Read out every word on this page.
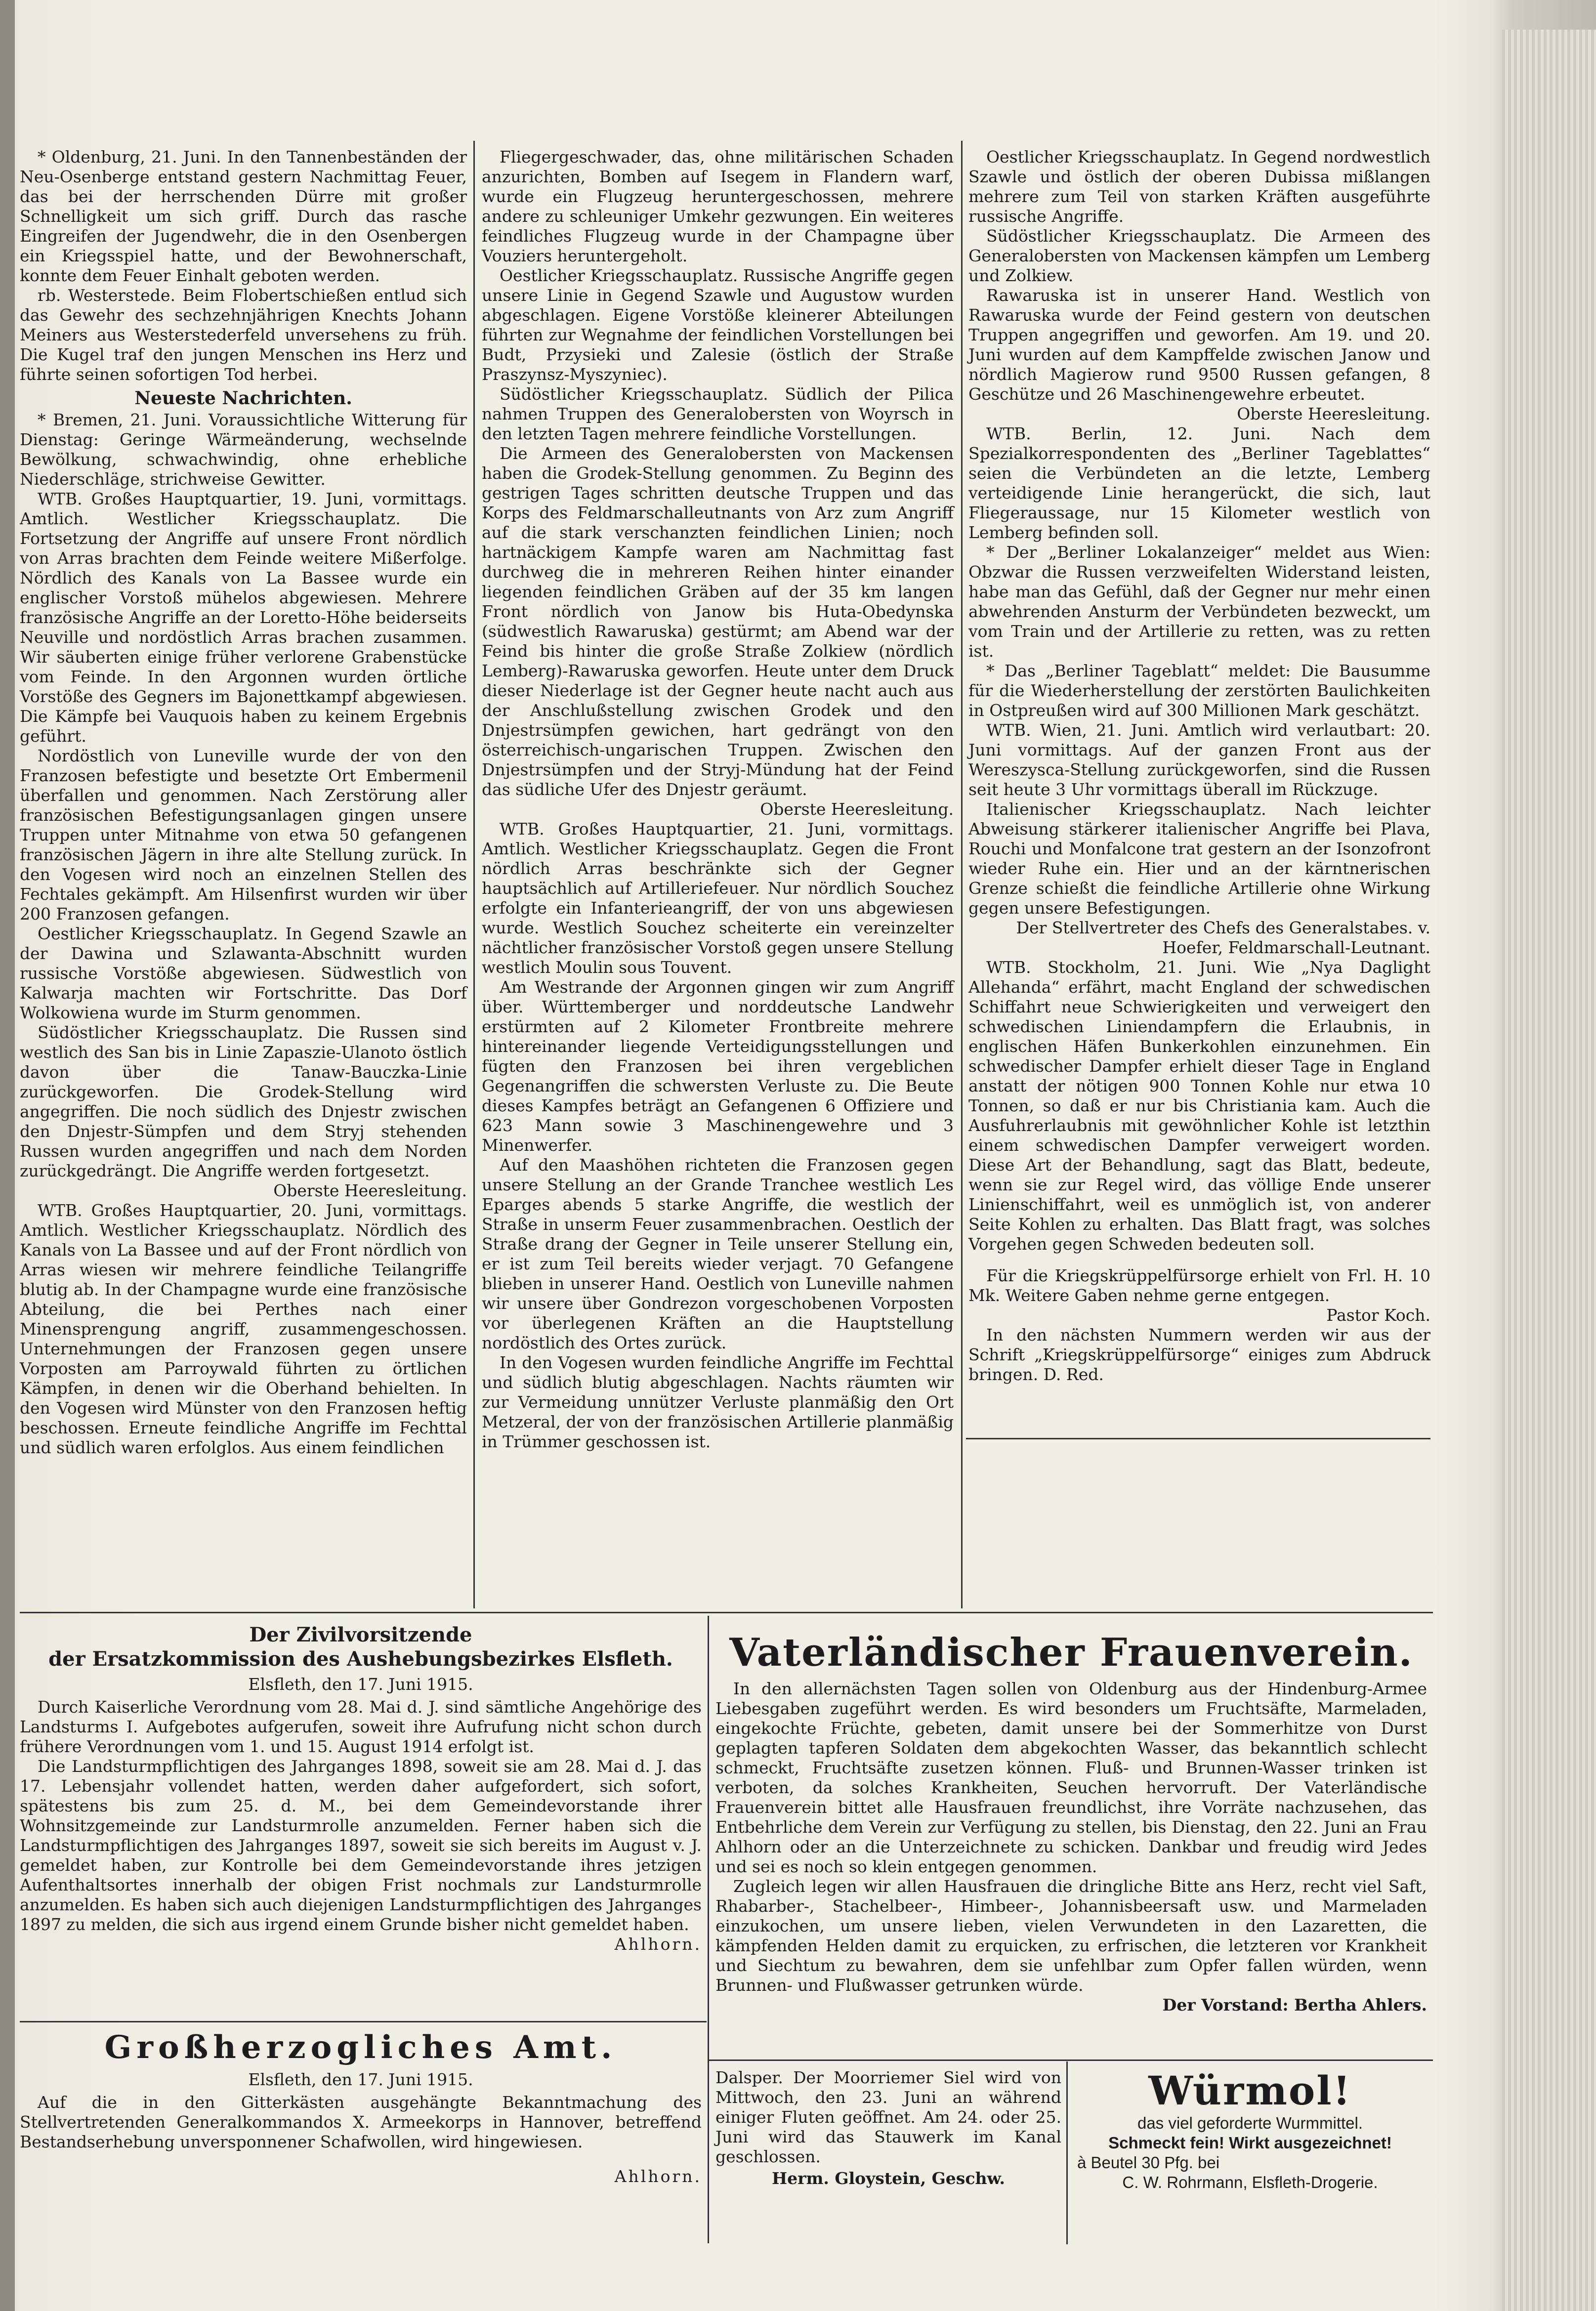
* Oldenburg, 21. Juni. In den Tannenbeständen der Neu-Osenberge entstand gestern Nachmittag Feuer, das bei der herrschenden Dürre mit großer Schnelligkeit um sich griff. Durch das rasche Eingreifen der Jugendwehr, die in den Osenbergen ein Kriegsspiel hatte, und der Bewohnerschaft, konnte dem Feuer Einhalt geboten werden.

rb. Westerstede. Beim Flobertschießen entlud sich das Gewehr des sechzehnjährigen Knechts Johann Meiners aus Westerstederfeld unversehens zu früh. Die Kugel traf den jungen Menschen ins Herz und führte seinen sofortigen Tod herbei.

Neueste Nachrichten.

* Bremen, 21. Juni. Voraussichtliche Witterung für Dienstag: Geringe Wärmeänderung, wechselnde Bewölkung, schwachwindig, ohne erhebliche Niederschläge, strichweise Gewitter.

WTB. Großes Hauptquartier, 19. Juni, vormittags. Amtlich. Westlicher Kriegsschauplatz. Die Fortsetzung der Angriffe auf unsere Front nördlich von Arras brachten dem Feinde weitere Mißerfolge. Nördlich des Kanals von La Bassee wurde ein englischer Vorstoß mühelos abgewiesen. Mehrere französische Angriffe an der Loretto-Höhe beiderseits Neuville und nordöstlich Arras brachen zusammen. Wir säuberten einige früher verlorene Grabenstücke vom Feinde. In den Argonnen wurden örtliche Vorstöße des Gegners im Bajonettkampf abgewiesen. Die Kämpfe bei Vauquois haben zu keinem Ergebnis geführt.

Nordöstlich von Luneville wurde der von den Franzosen befestigte und besetzte Ort Embermenil überfallen und genommen. Nach Zerstörung aller französischen Befestigungsanlagen gingen unsere Truppen unter Mitnahme von etwa 50 gefangenen französischen Jägern in ihre alte Stellung zurück. In den Vogesen wird noch an einzelnen Stellen des Fechtales gekämpft. Am Hilsenfirst wurden wir über 200 Franzosen gefangen.

Oestlicher Kriegsschauplatz. In Gegend Szawle an der Dawina und Szlawanta-Abschnitt wurden russische Vorstöße abgewiesen. Südwestlich von Kalwarja machten wir Fortschritte. Das Dorf Wolkowiena wurde im Sturm genommen.

Südöstlicher Kriegsschauplatz. Die Russen sind westlich des San bis in Linie Zapaszie-Ulanoto östlich davon über die Tanaw-Bauczka-Linie zurückgeworfen. Die Grodek-Stellung wird angegriffen. Die noch südlich des Dnjestr zwischen den Dnjestr-Sümpfen und dem Stryj stehenden Russen wurden angegriffen und nach dem Norden zurückgedrängt. Die Angriffe werden fortgesetzt.

Oberste Heeresleitung.

WTB. Großes Hauptquartier, 20. Juni, vormittags. Amtlich. Westlicher Kriegsschauplatz. Nördlich des Kanals von La Bassee und auf der Front nördlich von Arras wiesen wir mehrere feindliche Teilangriffe blutig ab. In der Champagne wurde eine französische Abteilung, die bei Perthes nach einer Minensprengung angriff, zusammengeschossen. Unternehmungen der Franzosen gegen unsere Vorposten am Parroywald führten zu örtlichen Kämpfen, in denen wir die Oberhand behielten. In den Vogesen wird Münster von den Franzosen heftig beschossen. Erneute feindliche Angriffe im Fechttal und südlich waren erfolglos. Aus einem feindlichen

Fliegergeschwader, das, ohne militärischen Schaden anzurichten, Bomben auf Isegem in Flandern warf, wurde ein Flugzeug heruntergeschossen, mehrere andere zu schleuniger Umkehr gezwungen. Ein weiteres feindliches Flugzeug wurde in der Champagne über Vouziers heruntergeholt.

Oestlicher Kriegsschauplatz. Russische Angriffe gegen unsere Linie in Gegend Szawle und Augustow wurden abgeschlagen. Eigene Vorstöße kleinerer Abteilungen führten zur Wegnahme der feindlichen Vorstellungen bei Budt, Przysieki und Zalesie (östlich der Straße Praszynsz-Myszyniec).

Südöstlicher Kriegsschauplatz. Südlich der Pilica nahmen Truppen des Generalobersten von Woyrsch in den letzten Tagen mehrere feindliche Vorstellungen.

Die Armeen des Generalobersten von Mackensen haben die Grodek-Stellung genommen. Zu Beginn des gestrigen Tages schritten deutsche Truppen und das Korps des Feldmarschalleutnants von Arz zum Angriff auf die stark verschanzten feindlichen Linien; noch hartnäckigem Kampfe waren am Nachmittag fast durchweg die in mehreren Reihen hinter einander liegenden feindlichen Gräben auf der 35 km langen Front nördlich von Janow bis Huta-Obedynska (südwestlich Rawaruska) gestürmt; am Abend war der Feind bis hinter die große Straße Zolkiew (nördlich Lemberg)-Rawaruska geworfen. Heute unter dem Druck dieser Niederlage ist der Gegner heute nacht auch aus der Anschlußstellung zwischen Grodek und den Dnjestrsümpfen gewichen, hart gedrängt von den österreichisch-ungarischen Truppen. Zwischen den Dnjestrsümpfen und der Stryj-Mündung hat der Feind das südliche Ufer des Dnjestr geräumt.

Oberste Heeresleitung.

WTB. Großes Hauptquartier, 21. Juni, vormittags. Amtlich. Westlicher Kriegsschauplatz. Gegen die Front nördlich Arras beschränkte sich der Gegner hauptsächlich auf Artilleriefeuer. Nur nördlich Souchez erfolgte ein Infanterieangriff, der von uns abgewiesen wurde. Westlich Souchez scheiterte ein vereinzelter nächtlicher französischer Vorstoß gegen unsere Stellung westlich Moulin sous Touvent.

Am Westrande der Argonnen gingen wir zum Angriff über. Württemberger und norddeutsche Landwehr erstürmten auf 2 Kilometer Frontbreite mehrere hintereinander liegende Verteidigungsstellungen und fügten den Franzosen bei ihren vergeblichen Gegenangriffen die schwersten Verluste zu. Die Beute dieses Kampfes beträgt an Gefangenen 6 Offiziere und 623 Mann sowie 3 Maschinengewehre und 3 Minenwerfer.

Auf den Maashöhen richteten die Franzosen gegen unsere Stellung an der Grande Tranchee westlich Les Eparges abends 5 starke Angriffe, die westlich der Straße in unserm Feuer zusammenbrachen. Oestlich der Straße drang der Gegner in Teile unserer Stellung ein, er ist zum Teil bereits wieder verjagt. 70 Gefangene blieben in unserer Hand. Oestlich von Luneville nahmen wir unsere über Gondrezon vorgeschobenen Vorposten vor überlegenen Kräften an die Hauptstellung nordöstlich des Ortes zurück.

In den Vogesen wurden feindliche Angriffe im Fechttal und südlich blutig abgeschlagen. Nachts räumten wir zur Vermeidung unnützer Verluste planmäßig den Ort Metzeral, der von der französischen Artillerie planmäßig in Trümmer geschossen ist.

Oestlicher Kriegsschauplatz. In Gegend nordwestlich Szawle und östlich der oberen Dubissa mißlangen mehrere zum Teil von starken Kräften ausgeführte russische Angriffe.

Südöstlicher Kriegsschauplatz. Die Armeen des Generalobersten von Mackensen kämpfen um Lemberg und Zolkiew.

Rawaruska ist in unserer Hand. Westlich von Rawaruska wurde der Feind gestern von deutschen Truppen angegriffen und geworfen. Am 19. und 20. Juni wurden auf dem Kampffelde zwischen Janow und nördlich Magierow rund 9500 Russen gefangen, 8 Geschütze und 26 Maschinengewehre erbeutet.

Oberste Heeresleitung.

WTB. Berlin, 12. Juni. Nach dem Spezialkorrespondenten des „Berliner Tageblattes“ seien die Verbündeten an die letzte, Lemberg verteidigende Linie herangerückt, die sich, laut Fliegeraussage, nur 15 Kilometer westlich von Lemberg befinden soll.

* Der „Berliner Lokalanzeiger“ meldet aus Wien: Obzwar die Russen verzweifelten Widerstand leisten, habe man das Gefühl, daß der Gegner nur mehr einen abwehrenden Ansturm der Verbündeten bezweckt, um vom Train und der Artillerie zu retten, was zu retten ist.

* Das „Berliner Tageblatt“ meldet: Die Bausumme für die Wiederherstellung der zerstörten Baulichkeiten in Ostpreußen wird auf 300 Millionen Mark geschätzt.

WTB. Wien, 21. Juni. Amtlich wird verlautbart: 20. Juni vormittags. Auf der ganzen Front aus der Wereszysca-Stellung zurückgeworfen, sind die Russen seit heute 3 Uhr vormittags überall im Rückzuge.

Italienischer Kriegsschauplatz. Nach leichter Abweisung stärkerer italienischer Angriffe bei Plava, Rouchi und Monfalcone trat gestern an der Isonzofront wieder Ruhe ein. Hier und an der kärntnerischen Grenze schießt die feindliche Artillerie ohne Wirkung gegen unsere Befestigungen.

Der Stellvertreter des Chefs des Generalstabes. v. Hoefer, Feldmarschall-Leutnant.

WTB. Stockholm, 21. Juni. Wie „Nya Daglight Allehanda“ erfährt, macht England der schwedischen Schiffahrt neue Schwierigkeiten und verweigert den schwedischen Liniendampfern die Erlaubnis, in englischen Häfen Bunkerkohlen einzunehmen. Ein schwedischer Dampfer erhielt dieser Tage in England anstatt der nötigen 900 Tonnen Kohle nur etwa 10 Tonnen, so daß er nur bis Christiania kam. Auch die Ausfuhrerlaubnis mit gewöhnlicher Kohle ist letzthin einem schwedischen Dampfer verweigert worden. Diese Art der Behandlung, sagt das Blatt, bedeute, wenn sie zur Regel wird, das völlige Ende unserer Linienschiffahrt, weil es unmöglich ist, von anderer Seite Kohlen zu erhalten. Das Blatt fragt, was solches Vorgehen gegen Schweden bedeuten soll.

Für die Kriegskrüppelfürsorge erhielt von Frl. H. 10 Mk. Weitere Gaben nehme gerne entgegen.

Pastor Koch.

In den nächsten Nummern werden wir aus der Schrift „Kriegskrüppelfürsorge“ einiges zum Abdruck bringen. D. Red.

Der Zivilvorsitzende
der Ersatzkommission des Aushebungsbezirkes Elsfleth.
Elsfleth, den 17. Juni 1915.
Durch Kaiserliche Verordnung vom 28. Mai d. J. sind sämtliche Angehörige des Landsturms I. Aufgebotes aufgerufen, soweit ihre Aufrufung nicht schon durch frühere Verordnungen vom 1. und 15. August 1914 erfolgt ist.
Die Landsturmpflichtigen des Jahrganges 1898, soweit sie am 28. Mai d. J. das 17. Lebensjahr vollendet hatten, werden daher aufgefordert, sich sofort, spätestens bis zum 25. d. M., bei dem Gemeindevorstande ihrer Wohnsitzgemeinde zur Landsturmrolle anzumelden. Ferner haben sich die Landsturmpflichtigen des Jahrganges 1897, soweit sie sich bereits im August v. J. gemeldet haben, zur Kontrolle bei dem Gemeindevorstande ihres jetzigen Aufenthaltsortes innerhalb der obigen Frist nochmals zur Landsturmrolle anzumelden. Es haben sich auch diejenigen Landsturmpflichtigen des Jahrganges 1897 zu melden, die sich aus irgend einem Grunde bisher nicht gemeldet haben.
Ahlhorn.
Großherzogliches Amt.
Elsfleth, den 17. Juni 1915.
Auf die in den Gitterkästen ausgehängte Bekanntmachung des Stellvertretenden Generalkommandos X. Armeekorps in Hannover, betreffend Bestandserhebung unversponnener Schafwollen, wird hingewiesen.
Ahlhorn.
Vaterländischer Frauenverein.
In den allernächsten Tagen sollen von Oldenburg aus der Hindenburg-Armee Liebesgaben zugeführt werden. Es wird besonders um Fruchtsäfte, Marmeladen, eingekochte Früchte, gebeten, damit unsere bei der Sommerhitze von Durst geplagten tapferen Soldaten dem abgekochten Wasser, das bekanntlich schlecht schmeckt, Fruchtsäfte zusetzen können. Fluß- und Brunnen-Wasser trinken ist verboten, da solches Krankheiten, Seuchen hervorruft. Der Vaterländische Frauenverein bittet alle Hausfrauen freundlichst, ihre Vorräte nachzusehen, das Entbehrliche dem Verein zur Verfügung zu stellen, bis Dienstag, den 22. Juni an Frau Ahlhorn oder an die Unterzeichnete zu schicken. Dankbar und freudig wird Jedes und sei es noch so klein entgegen genommen.
Zugleich legen wir allen Hausfrauen die dringliche Bitte ans Herz, recht viel Saft, Rhabarber-, Stachelbeer-, Himbeer-, Johannisbeersaft usw. und Marmeladen einzukochen, um unsere lieben, vielen Verwundeten in den Lazaretten, die kämpfenden Helden damit zu erquicken, zu erfrischen, die letzteren vor Krankheit und Siechtum zu bewahren, dem sie unfehlbar zum Opfer fallen würden, wenn Brunnen- und Flußwasser getrunken würde.
Der Vorstand: Bertha Ahlers.
Dalsper. Der Moorriemer Siel wird von Mittwoch, den 23. Juni an während einiger Fluten geöffnet. Am 24. oder 25. Juni wird das Stauwerk im Kanal geschlossen.
Herm. Gloystein, Geschw.
Würmol!
das viel geforderte Wurmmittel.
Schmeckt fein! Wirkt ausgezeichnet!
à Beutel 30 Pfg. bei
C. W. Rohrmann, Elsfleth-Drogerie.
